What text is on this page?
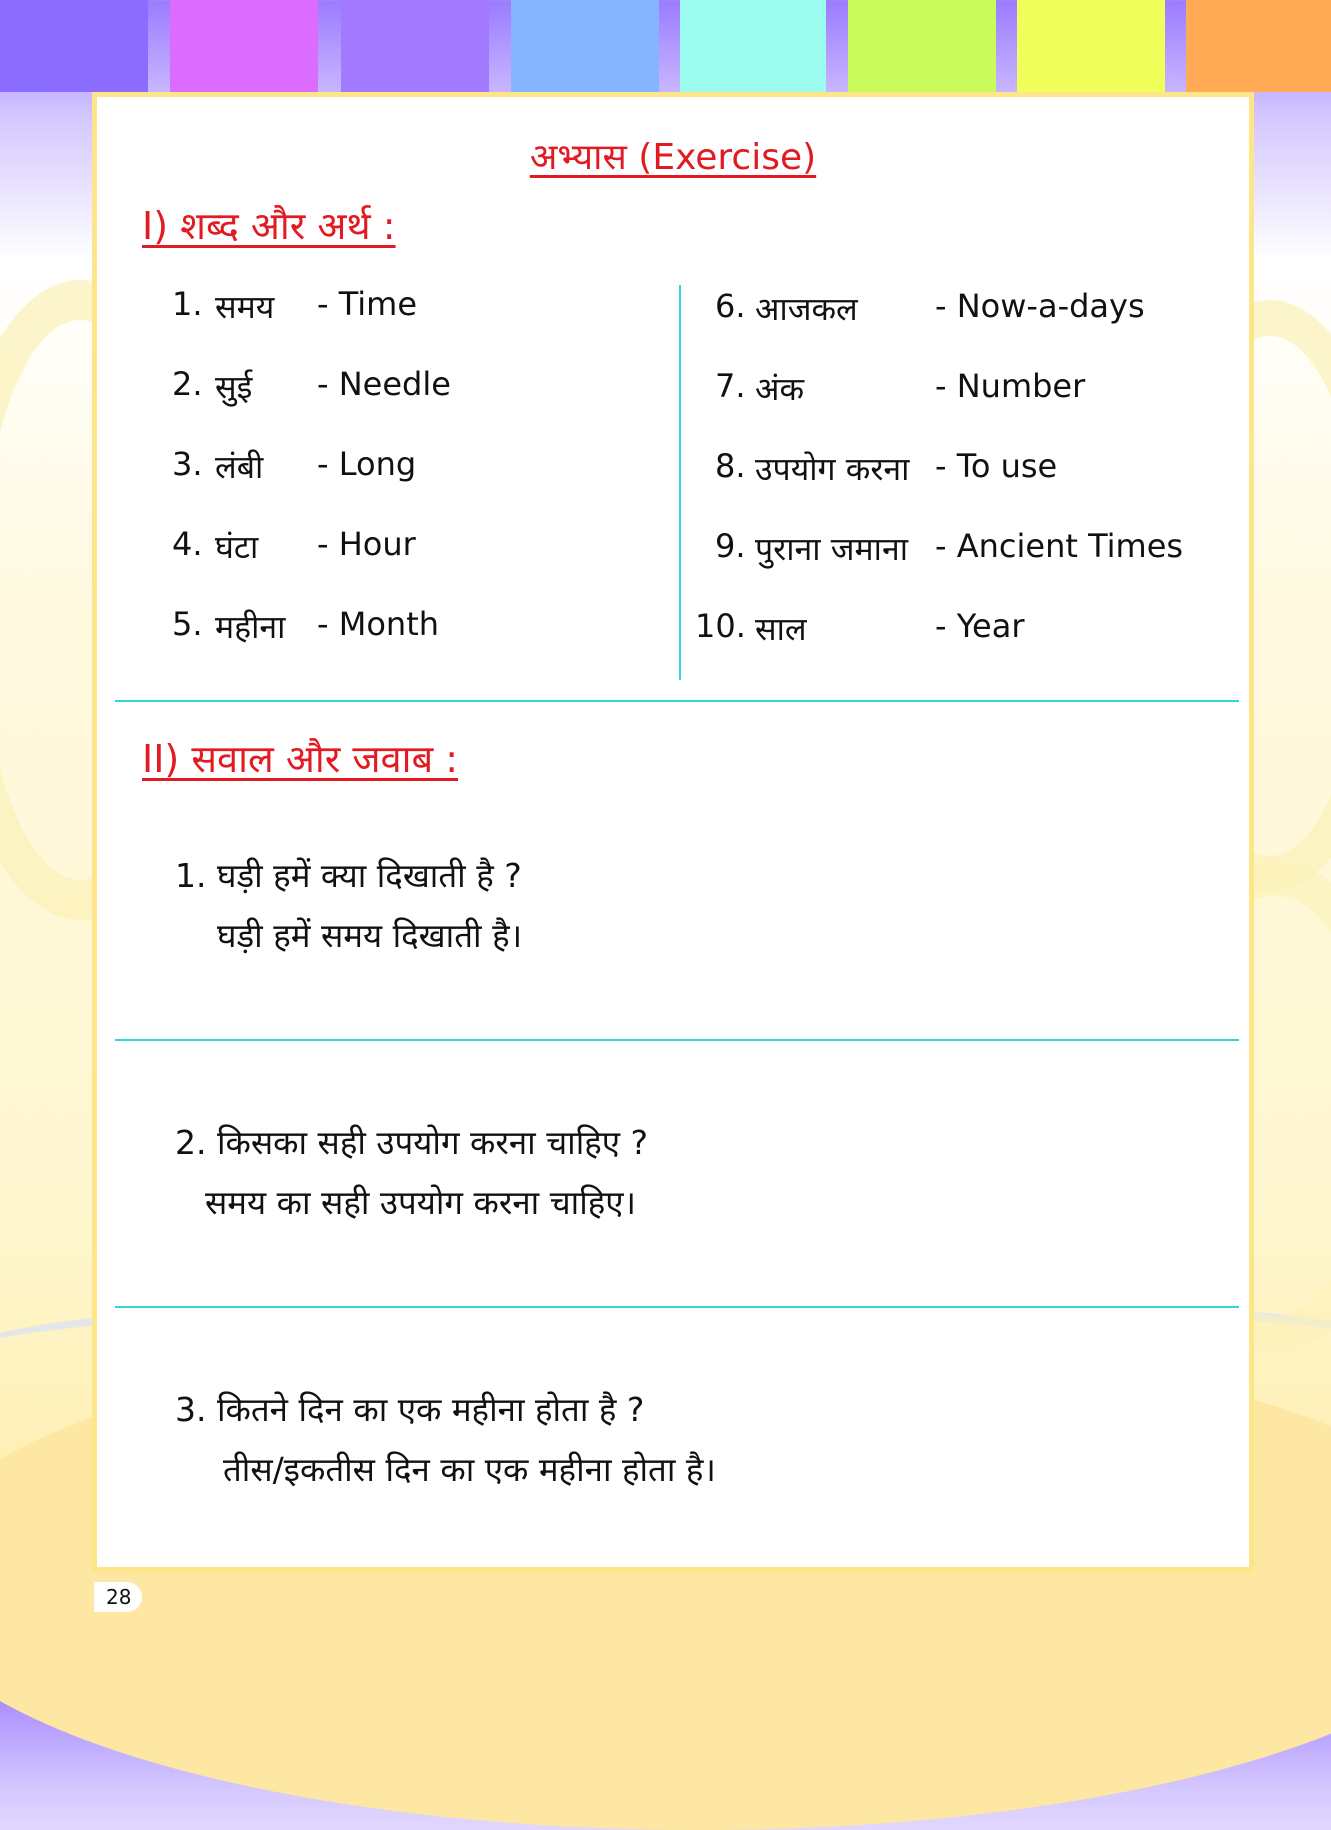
अभ्यास (Exercise)
I) शब्द और अर्थ :
1. समय - Time
2. सुई - Needle
3. लंबी - Long
4. घंटा - Hour
5. महीना - Month
6. आजकल - Now-a-days
7. अंक	- Number
8. उपयोग करना - To use
9. पुराना जमाना - Ancient Times
10. साल	- Year
II) सवाल और जवाब :
1. घड़ी हमें क्या दिखाती है ?
घड़ी हमें समय दिखाती है।
2. किसका सही उपयोग करना चाहिए ?
समय का सही उपयोग करना चाहिए।
3. कितने दिन का एक महीना होता है ?
तीस/इकतीस दिन का एक महीना होता है।
28
